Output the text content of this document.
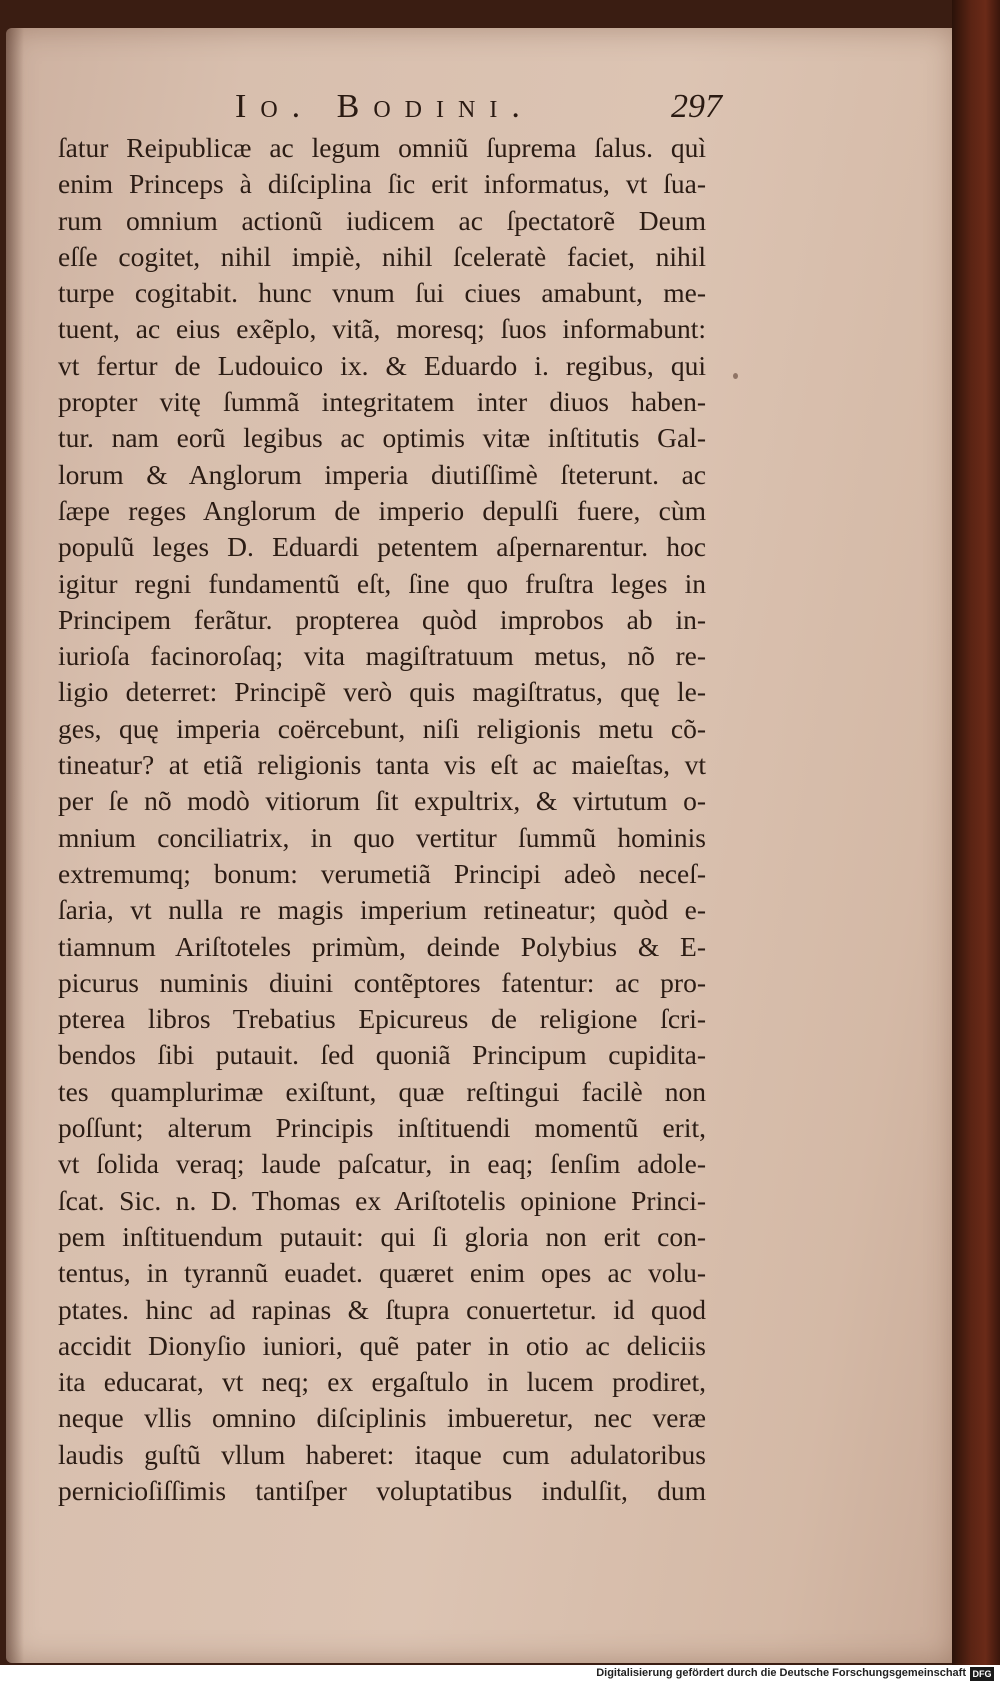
Io. Bodini.	297
ſatur Reipublicæ ac legum omniũ ſuprema ſalus. quì
enim Princeps à diſciplina ſic erit informatus, vt ſua-
rum omnium actionũ iudicem ac ſpectatorẽ Deum
eſſe cogitet, nihil impiè, nihil ſceleratè faciet, nihil
turpe cogitabit. hunc vnum ſui ciues amabunt, me-
tuent, ac eius exẽplo, vitã, moresq; ſuos informabunt:
vt fertur de Ludouico ix. & Eduardo i. regibus, qui
propter vitę ſummã integritatem inter diuos haben-
tur. nam eorũ legibus ac optimis vitæ inſtitutis Gal-
lorum & Anglorum imperia diutiſſimè ſteterunt. ac
ſæpe reges Anglorum de imperio depulſi fuere, cùm
populũ leges D. Eduardi petentem aſpernarentur. hoc
igitur regni fundamentũ eſt, ſine quo fruſtra leges in
Principem ferãtur. propterea quòd improbos ab in-
iurioſa facinoroſaq; vita magiſtratuum metus, nõ re-
ligio deterret: Principẽ verò quis magiſtratus, quę le-
ges, quę imperia coërcebunt, niſi religionis metu cõ-
tineatur? at etiã religionis tanta vis eſt ac maieſtas, vt
per ſe nõ modò vitiorum ſit expultrix, & virtutum o-
mnium conciliatrix, in quo vertitur ſummũ hominis
extremumq; bonum: verumetiã Principi adeò neceſ-
ſaria, vt nulla re magis imperium retineatur; quòd e-
tiamnum Ariſtoteles primùm, deinde Polybius & E-
picurus numinis diuini contẽptores fatentur: ac pro-
pterea libros Trebatius Epicureus de religione ſcri-
bendos ſibi putauit. ſed quoniã Principum cupidita-
tes quamplurimæ exiſtunt, quæ reſtingui facilè non
poſſunt; alterum Principis inſtituendi momentũ erit,
vt ſolida veraq; laude paſcatur, in eaq; ſenſim adole-
ſcat. Sic. n. D. Thomas ex Ariſtotelis opinione Princi-
pem inſtituendum putauit: qui ſi gloria non erit con-
tentus, in tyrannũ euadet. quæret enim opes ac volu-
ptates. hinc ad rapinas & ſtupra conuertetur. id quod
accidit Dionyſio iuniori, quẽ pater in otio ac deliciis
ita educarat, vt neq; ex ergaſtulo in lucem prodiret,
neque vllis omnino diſciplinis imbueretur, nec veræ
laudis guſtũ vllum haberet: itaque cum adulatoribus
pernicioſiſſimis tantiſper voluptatibus indulſit, dum
Digitalisierung gefördert durch die Deutsche Forschungsgemeinschaft DFG
